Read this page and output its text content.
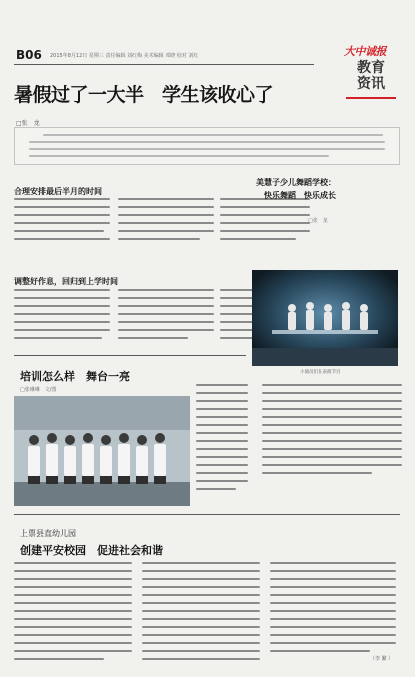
B06 2015年8月12日 星期三 责任编辑 刘红梅 美术编辑 邓晓 校对 刘红	大中诚报
教育
资讯
暑假过了一大半　学生该收心了
□张　龙
合理安排最后半月的时间
调整好作息，回归到上学时间
美慧子少儿舞蹈学校：
快乐舞蹈　快乐成长
□张　龙
小演员们在表演节目
培训怎么样　舞台一亮
□张琳琳　文/图
上票县直幼儿园
创建平安校园　促进社会和谐
（李 繁 ）
